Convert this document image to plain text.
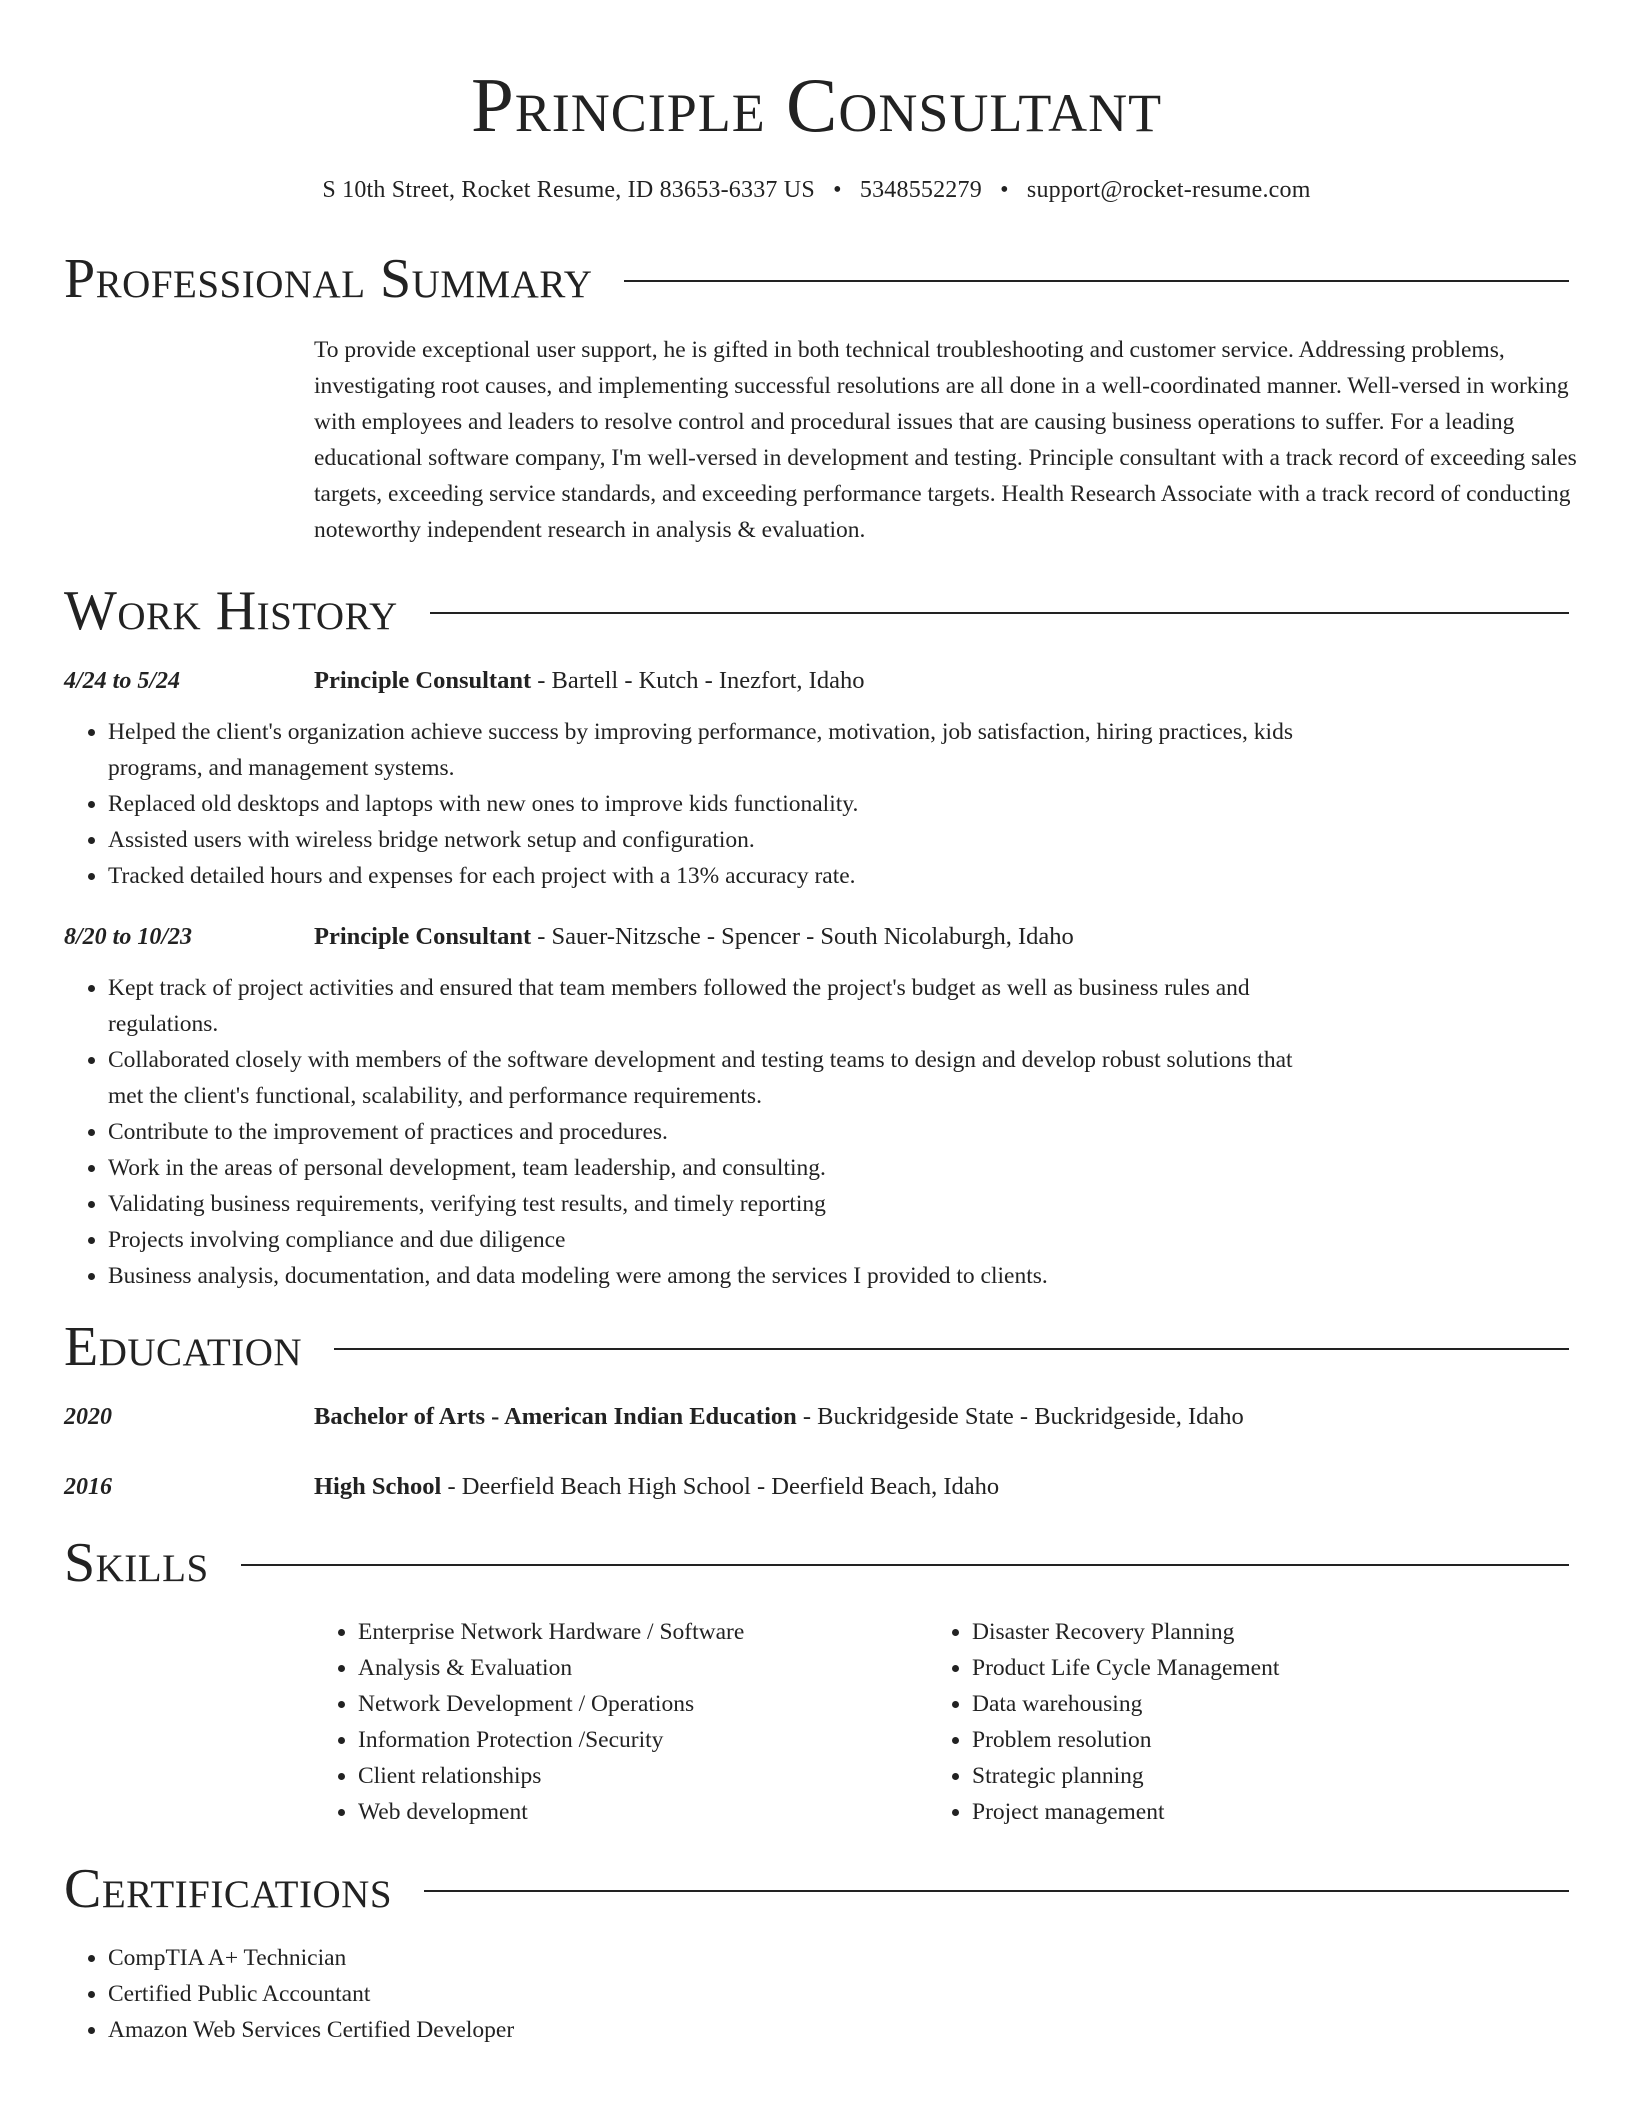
Principle Consultant
S 10th Street, Rocket Resume, ID 83653-6337 US • 5348552279 • support@rocket-resume.com
Professional Summary
To provide exceptional user support, he is gifted in both technical troubleshooting and customer service. Addressing problems, investigating root causes, and implementing successful resolutions are all done in a well-coordinated manner. Well-versed in working with employees and leaders to resolve control and procedural issues that are causing business operations to suffer. For a leading educational software company, I'm well-versed in development and testing. Principle consultant with a track record of exceeding sales targets, exceeding service standards, and exceeding performance targets. Health Research Associate with a track record of conducting noteworthy independent research in analysis & evaluation.
Work History
4/24 to 5/24	Principle Consultant - Bartell - Kutch - Inezfort, Idaho
• Helped the client's organization achieve success by improving performance, motivation, job satisfaction, hiring practices, kids programs, and management systems.
• Replaced old desktops and laptops with new ones to improve kids functionality.
• Assisted users with wireless bridge network setup and configuration.
• Tracked detailed hours and expenses for each project with a 13% accuracy rate.
8/20 to 10/23	Principle Consultant - Sauer-Nitzsche - Spencer - South Nicolaburgh, Idaho
• Kept track of project activities and ensured that team members followed the project's budget as well as business rules and regulations.
• Collaborated closely with members of the software development and testing teams to design and develop robust solutions that met the client's functional, scalability, and performance requirements.
• Contribute to the improvement of practices and procedures.
• Work in the areas of personal development, team leadership, and consulting.
• Validating business requirements, verifying test results, and timely reporting
• Projects involving compliance and due diligence
• Business analysis, documentation, and data modeling were among the services I provided to clients.
Education
2020	Bachelor of Arts - American Indian Education - Buckridgeside State - Buckridgeside, Idaho
2016	High School - Deerfield Beach High School - Deerfield Beach, Idaho
Skills
• Enterprise Network Hardware / Software
• Analysis & Evaluation
• Network Development / Operations
• Information Protection /Security
• Client relationships
• Web development
• Disaster Recovery Planning
• Product Life Cycle Management
• Data warehousing
• Problem resolution
• Strategic planning
• Project management
Certifications
• CompTIA A+ Technician
• Certified Public Accountant
• Amazon Web Services Certified Developer
